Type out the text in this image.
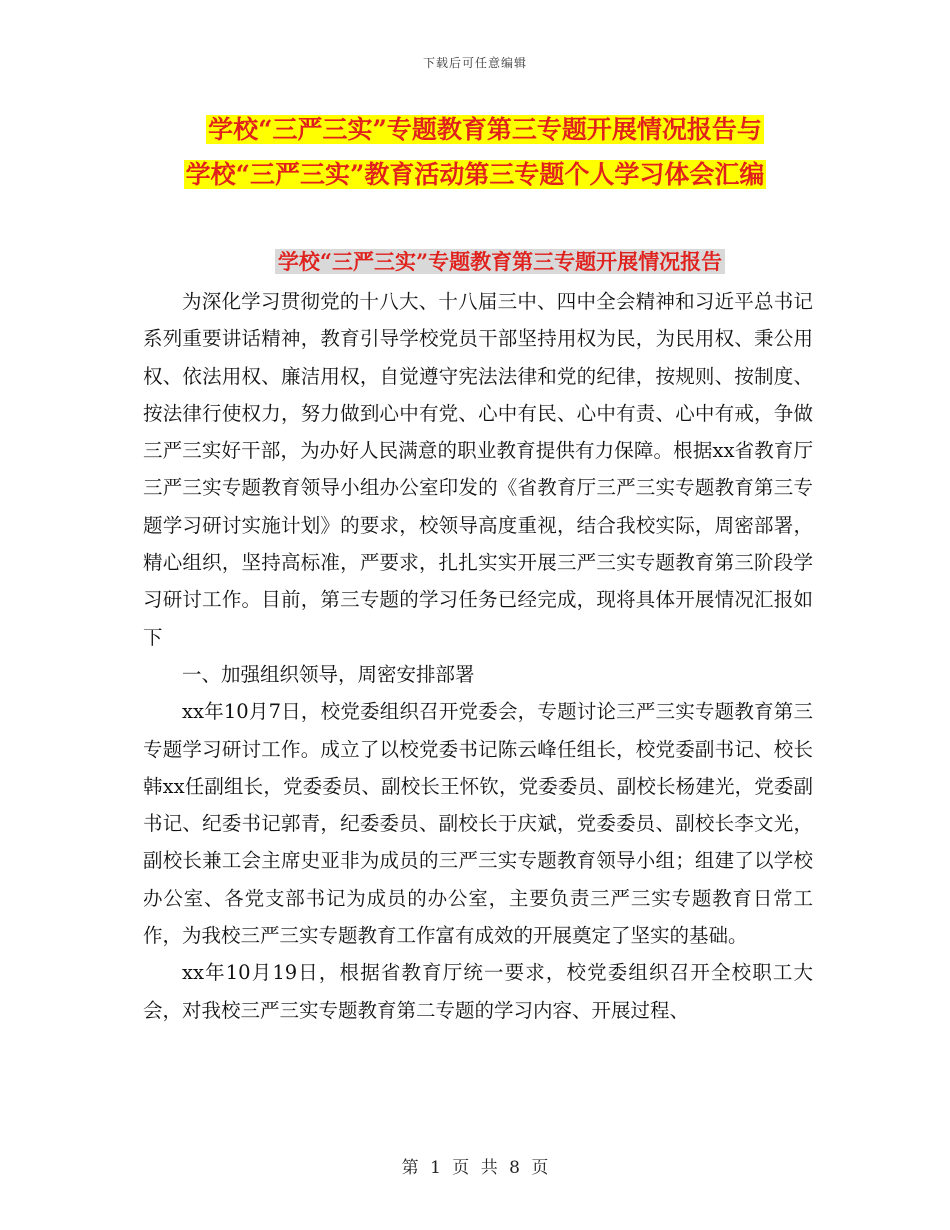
下载后可任意编辑
学校“三严三实”专题教育第三专题开展情况报告与
学校“三严三实”教育活动第三专题个人学习体会汇编
学校“三严三实”专题教育第三专题开展情况报告

为深化学习贯彻党的十八大、十八届三中、四中全会精神和习近平总书记系列重要讲话精神，教育引导学校党员干部坚持用权为民，为民用权、秉公用权、依法用权、廉洁用权，自觉遵守宪法法律和党的纪律，按规则、按制度、按法律行使权力，努力做到心中有党、心中有民、心中有责、心中有戒，争做三严三实好干部，为办好人民满意的职业教育提供有力保障。根据xx省教育厅三严三实专题教育领导小组办公室印发的《省教育厅三严三实专题教育第三专题学习研讨实施计划》的要求，校领导高度重视，结合我校实际，周密部署，精心组织，坚持高标准，严要求，扎扎实实开展三严三实专题教育第三阶段学习研讨工作。目前，第三专题的学习任务已经完成，现将具体开展情况汇报如下

一、加强组织领导，周密安排部署

xx年10月7日，校党委组织召开党委会，专题讨论三严三实专题教育第三专题学习研讨工作。成立了以校党委书记陈云峰任组长，校党委副书记、校长韩xx任副组长，党委委员、副校长王怀钦，党委委员、副校长杨建光，党委副书记、纪委书记郭青，纪委委员、副校长于庆斌，党委委员、副校长李文光，副校长兼工会主席史亚非为成员的三严三实专题教育领导小组；组建了以学校办公室、各党支部书记为成员的办公室，主要负责三严三实专题教育日常工作，为我校三严三实专题教育工作富有成效的开展奠定了坚实的基础。

xx年10月19日，根据省教育厅统一要求，校党委组织召开全校职工大会，对我校三严三实专题教育第二专题的学习内容、开展过程、

第 1 页 共 8 页
